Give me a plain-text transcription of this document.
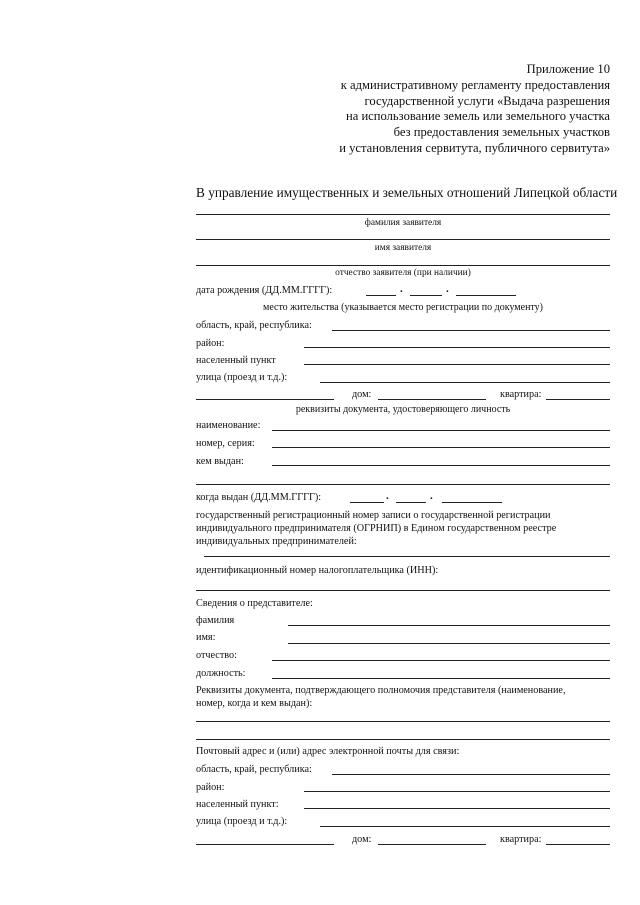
Приложение 10
к административному регламенту предоставления
государственной услуги «Выдача разрешения
на использование земель или земельного участка
без предоставления земельных участков
и установления сервитута, публичного сервитута»
В управление имущественных и земельных отношений Липецкой области
фамилия заявителя
имя заявителя
отчество заявителя (при наличии)
дата рождения (ДД.ММ.ГГГГ):	.	.
место жительства (указывается место регистрации по документу)
область, край, республика:
район:
населенный пункт
улица (проезд и т.д.):
дом:	квартира:
реквизиты документа, удостоверяющего личность
наименование:
номер, серия:
кем выдан:
когда выдан (ДД.ММ.ГГГГ):	.	.
государственный регистрационный номер записи о государственной регистрации
индивидуального предпринимателя (ОГРНИП) в Едином государственном реестре
индивидуальных предпринимателей:
идентификационный номер налогоплательщика (ИНН):
Сведения о представителе:
фамилия
имя:
отчество:
должность:
Реквизиты документа, подтверждающего полномочия представителя (наименование,
номер, когда и кем выдан):
Почтовый адрес и (или) адрес электронной почты для связи:
область, край, республика:
район:
населенный пункт:
улица (проезд и т.д.):
дом:	квартира:
